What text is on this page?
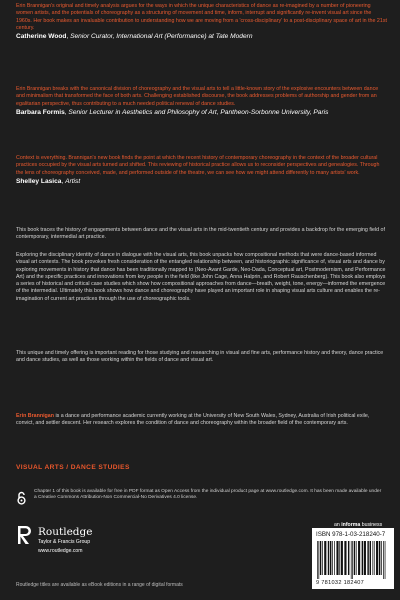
Erin Brannigan's original and timely analysis argues for the ways in which the unique characteristics of dance as re-imagined by a number of pioneering women artists, and the potentials of choreography as a structuring of movement and time, inform, interrupt and significantly re-invent visual art since the 1960s. Her book makes an invaluable contribution to understanding how we are moving from a 'cross-disciplinary' to a post-disciplinary space of art in the 21st century.
Catherine Wood, Senior Curator, International Art (Performance) at Tate Modern
Erin Brannigan breaks with the canonical division of choreography and the visual arts to tell a little-known story of the explosive encounters between dance and minimalism that transformed the face of both arts. Challenging established discourse, the book addresses problems of authorship and gender from an egalitarian perspective, thus contributing to a much needed political renewal of dance studies.
Barbara Formis, Senior Lecturer in Aesthetics and Philosophy of Art, Pantheon-Sorbonne University, Paris
Context is everything. Brannigan's new book finds the point at which the recent history of contemporary choreography in the context of the broader cultural practices occupied by the visual arts turned and shifted. This reviewing of historical practice allows us to reconsider perspectives and genealogies. Through the lens of choreography conceived, made, and performed outside of the theatre, we can see how we might attend differently to many artists' work.
Shelley Lasica, Artist
This book traces the history of engagements between dance and the visual arts in the mid-twentieth century and provides a backdrop for the emerging field of contemporary, intermedial art practice.
Exploring the disciplinary identity of dance in dialogue with the visual arts, this book unpacks how compositional methods that were dance-based informed visual art contexts. The book provokes fresh consideration of the entangled relationship between, and historiographic significance of, visual arts and dance by exploring movements in history that dance has been traditionally mapped to (Neo-Avant Garde, Neo-Dada, Conceptual art, Postmodernism, and Performance Art) and the specific practices and innovations from key people in the field (like John Cage, Anna Halprin, and Robert Rauschenberg). This book also employs a series of historical and critical case studies which show how compositional approaches from dance—breath, weight, tone, energy—informed the emergence of the intermedial. Ultimately this book shows how dance and choreography have played an important role in shaping visual arts culture and enables the re-imagination of current art practices through the use of choreographic tools.
This unique and timely offering is important reading for those studying and researching in visual and fine arts, performance history and theory, dance practice and dance studies, as well as those working within the fields of dance and visual art.
Erin Brannigan is a dance and performance academic currently working at the University of New South Wales, Sydney, Australia of Irish political exile, convict, and settler descent. Her research explores the condition of dance and choreography within the broader field of the contemporary arts.
VISUAL ARTS / DANCE STUDIES
Chapter 1 of this book is available for free in PDF format as Open Access from the individual product page at www.routledge.com. It has been made available under a Creative Commons Attribution-Non Commercial-No Derivatives 4.0 license.
Routledge
Taylor & Francis Group
www.routledge.com
an informa business
ISBN 978-1-03-218240-7
9 781032 182407
Routledge titles are available as eBook editions in a range of digital formats
